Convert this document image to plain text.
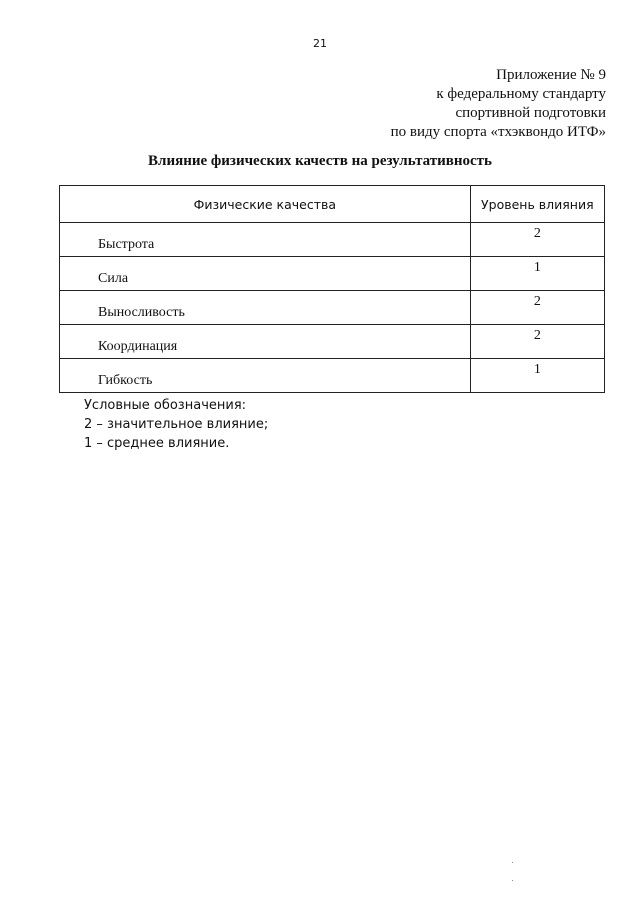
21
Приложение № 9
к федеральному стандарту
спортивной подготовки
по виду спорта «тхэквондо ИТФ»
Влияние физических качеств на результативность
Физические качества	Уровень влияния
Быстрота	2
Сила	1
Выносливость	2
Координация	2
Гибкость	1
Условные обозначения:
2 – значительное влияние;
1 – среднее влияние.
